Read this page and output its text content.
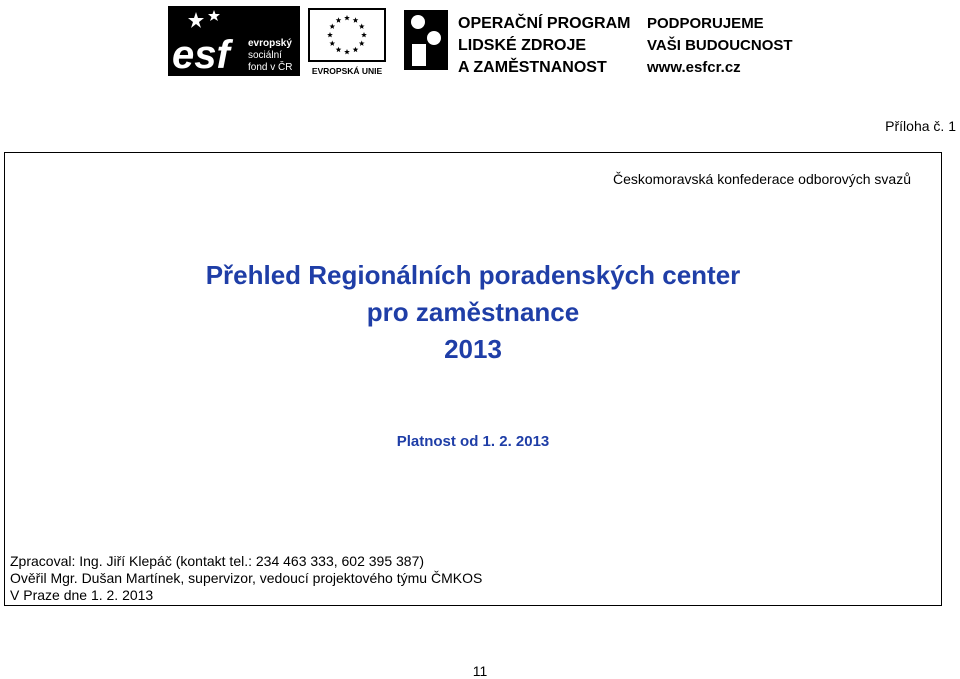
esf	evropský
sociální
fond v ČR EVROPSKÁ UNIE
OPERAČNÍ PROGRAM
LIDSKÉ ZDROJE
A ZAMĚSTNANOST
PODPORUJEME
VAŠI BUDOUCNOST
www.esfcr.cz
Příloha č. 1
Českomoravská konfederace odborových svazů
Přehled Regionálních poradenských center
pro zaměstnance
2013
Platnost od 1. 2. 2013
Zpracoval: Ing. Jiří Klepáč (kontakt tel.: 234 463 333, 602 395 387)
Ověřil Mgr. Dušan Martínek, supervizor, vedoucí projektového týmu ČMKOS
V Praze dne 1. 2. 2013
11
